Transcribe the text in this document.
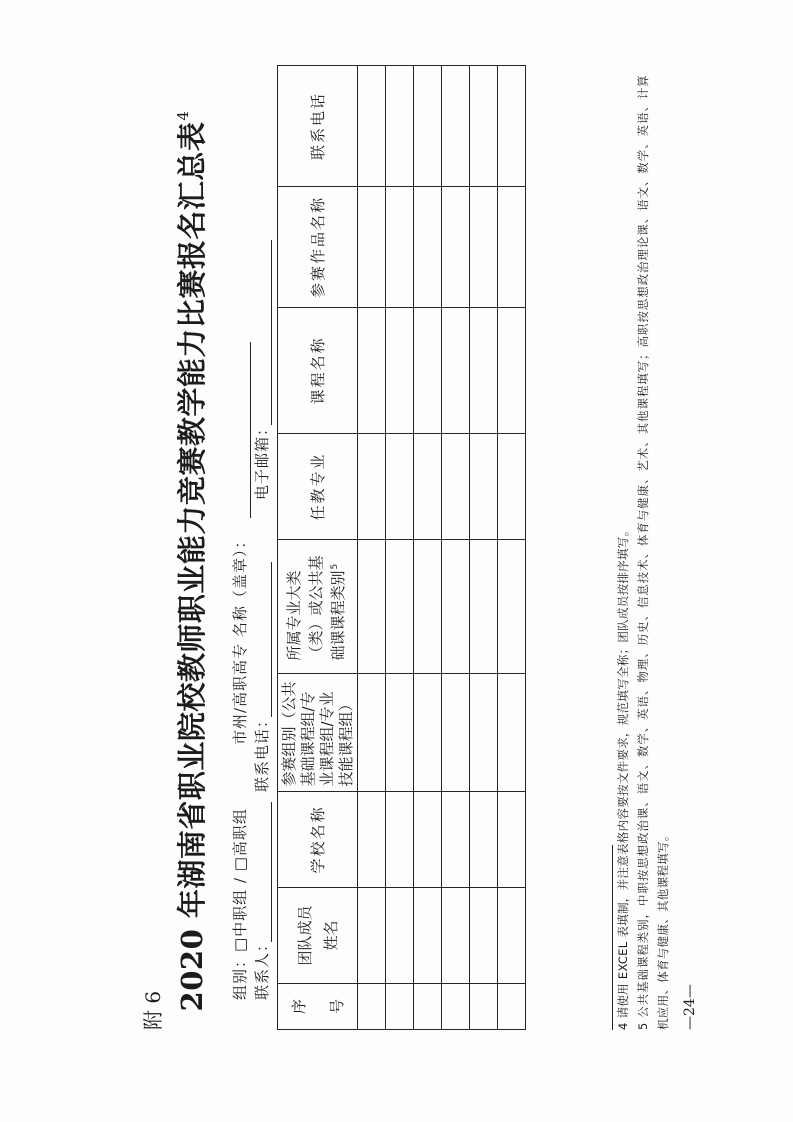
附 6 2020 年湖南省职业院校教师职业能力竞赛教学能力比赛报名汇总表$^4$
组别：□中职组 / □高职组
市州/高职高专 名称（盖章）：
联系人：
联系电话：
电子邮箱：
序号	团队成员姓名	学校名称	参赛组别（公共基础课程组/专业课程组/专业技能课程组）	所属专业大类（类）或公共基础课课程类别$^5$	任教专业	课程名称	参赛作品名称	联系电话

4 请使用 EXCEL 表填制，并注意表格内容要按文件要求，规范填写全称；团队成员按排序填写。 5 公共基础课程类别，中职按思想政治课、语文、数学、英语、物理、历史、信息技术、体育与健康、艺术、其他课程填写；高职按思想政治理论课、语文、数学、英语、计算 机应用、体育与健康、其他课程填写。 —24—
